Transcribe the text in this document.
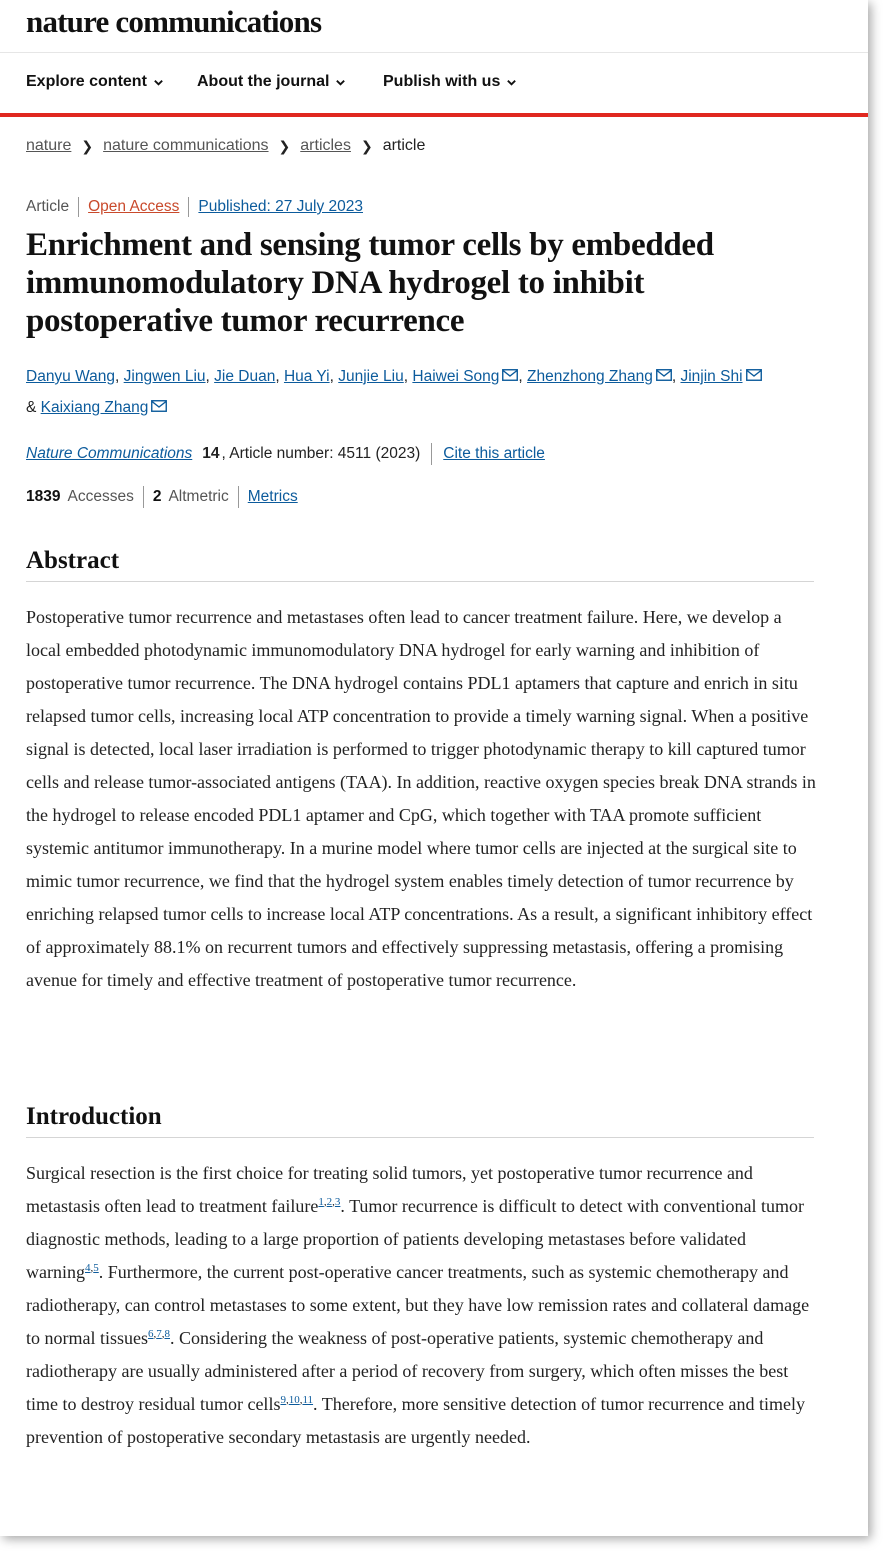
nature communications
Explore content	About the journal	Publish with us
nature ❯ nature communications ❯ articles ❯ article
Article Open Access Published: 27 July 2023
Enrichment and sensing tumor cells by embedded immunomodulatory DNA hydrogel to inhibit postoperative tumor recurrence
Danyu Wang, Jingwen Liu, Jie Duan, Hua Yi, Junjie Liu, Haiwei Song , Zhenzhong Zhang , Jinjin Shi
& Kaixiang Zhang
Nature Communications 14 , Article number: 4511 (2023) Cite this article
1839 Accesses 2 Altmetric Metrics
Abstract

Postoperative tumor recurrence and metastases often lead to cancer treatment failure. Here, we develop a local embedded photodynamic immunomodulatory DNA hydrogel for early warning and inhibition of postoperative tumor recurrence. The DNA hydrogel contains PDL1 aptamers that capture and enrich in situ relapsed tumor cells, increasing local ATP concentration to provide a timely warning signal. When a positive signal is detected, local laser irradiation is performed to trigger photodynamic therapy to kill captured tumor cells and release tumor-associated antigens (TAA). In addition, reactive oxygen species break DNA strands in the hydrogel to release encoded PDL1 aptamer and CpG, which together with TAA promote sufficient systemic antitumor immunotherapy. In a murine model where tumor cells are injected at the surgical site to mimic tumor recurrence, we find that the hydrogel system enables timely detection of tumor recurrence by enriching relapsed tumor cells to increase local ATP concentrations. As a result, a significant inhibitory effect of approximately 88.1% on recurrent tumors and effectively suppressing metastasis, offering a promising avenue for timely and effective treatment of postoperative tumor recurrence.

Introduction

Surgical resection is the first choice for treating solid tumors, yet postoperative tumor recurrence and metastasis often lead to treatment failure$^{1,2,3}$. Tumor recurrence is difficult to detect with conventional tumor diagnostic methods, leading to a large proportion of patients developing metastases before validated warning$^{4,5}$. Furthermore, the current post-operative cancer treatments, such as systemic chemotherapy and radiotherapy, can control metastases to some extent, but they have low remission rates and collateral damage to normal tissues$^{6,7,8}$. Considering the weakness of post-operative patients, systemic chemotherapy and radiotherapy are usually administered after a period of recovery from surgery, which often misses the best time to destroy residual tumor cells$^{9,10,11}$. Therefore, more sensitive detection of tumor recurrence and timely prevention of postoperative secondary metastasis are urgently needed.
